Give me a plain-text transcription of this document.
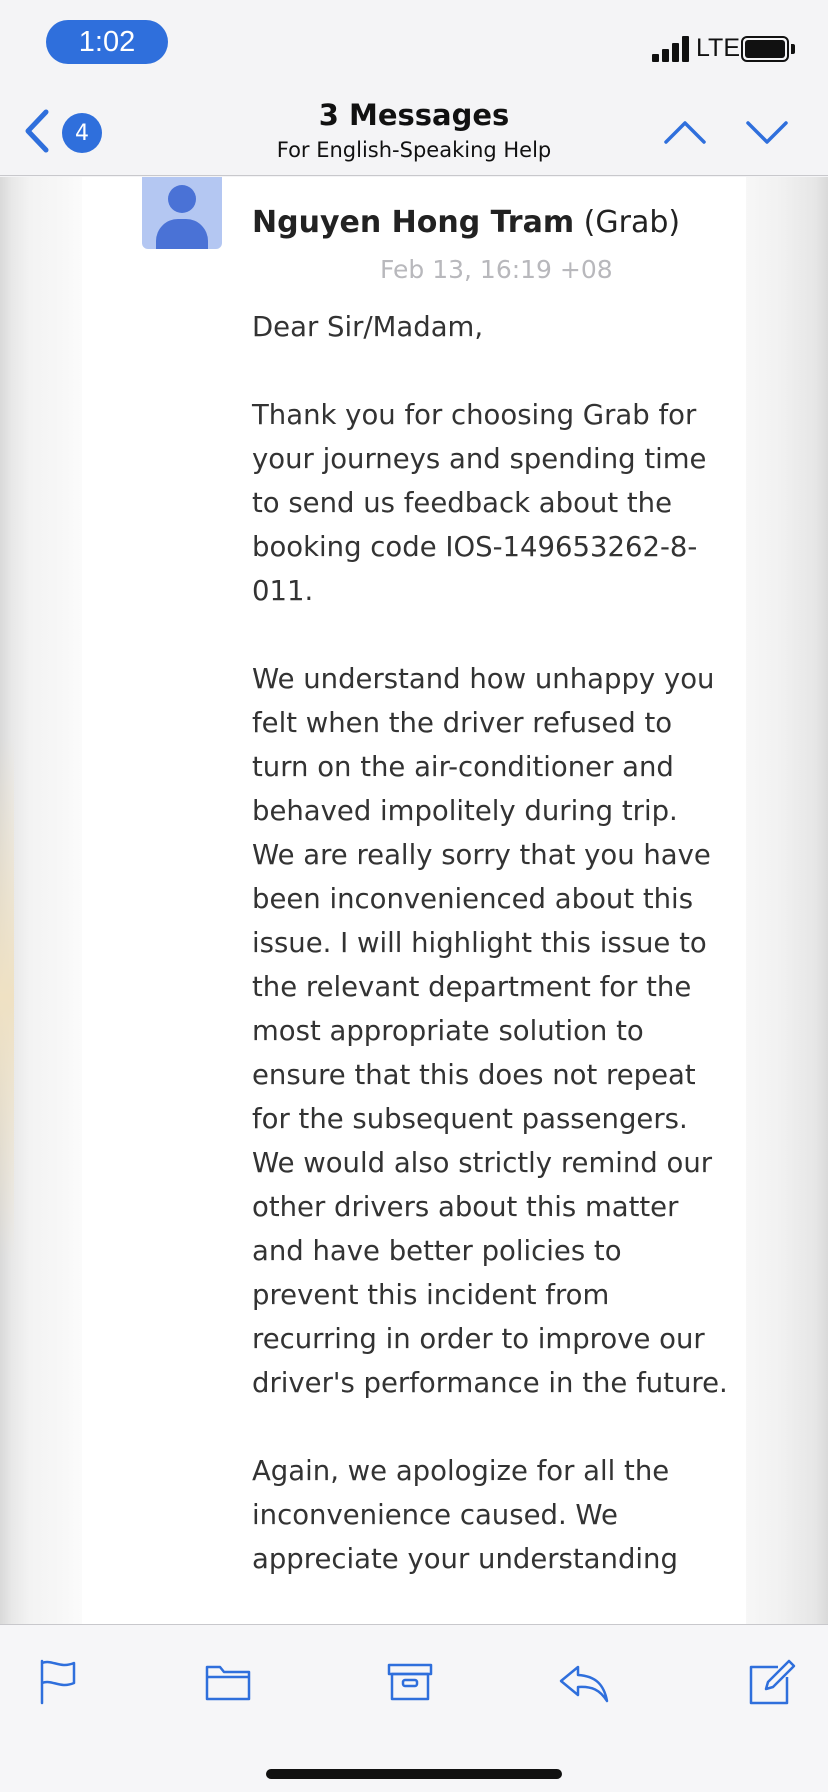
1:02	LTE
4
3 Messages
For English-Speaking Help
Nguyen Hong Tram (Grab)
Feb 13, 16:19 +08

Dear Sir/Madam,

Thank you for choosing Grab for your journeys and spending time to send us feedback about the booking code IOS-149653262-8-011.

We understand how unhappy you felt when the driver refused to turn on the air-conditioner and behaved impolitely during trip. We are really sorry that you have been inconvenienced about this issue. I will highlight this issue to the relevant department for the most appropriate solution to ensure that this does not repeat for the subsequent passengers. We would also strictly remind our other drivers about this matter and have better policies to prevent this incident from recurring in order to improve our driver's performance in the future.

Again, we apologize for all the inconvenience caused. We appreciate your understanding
